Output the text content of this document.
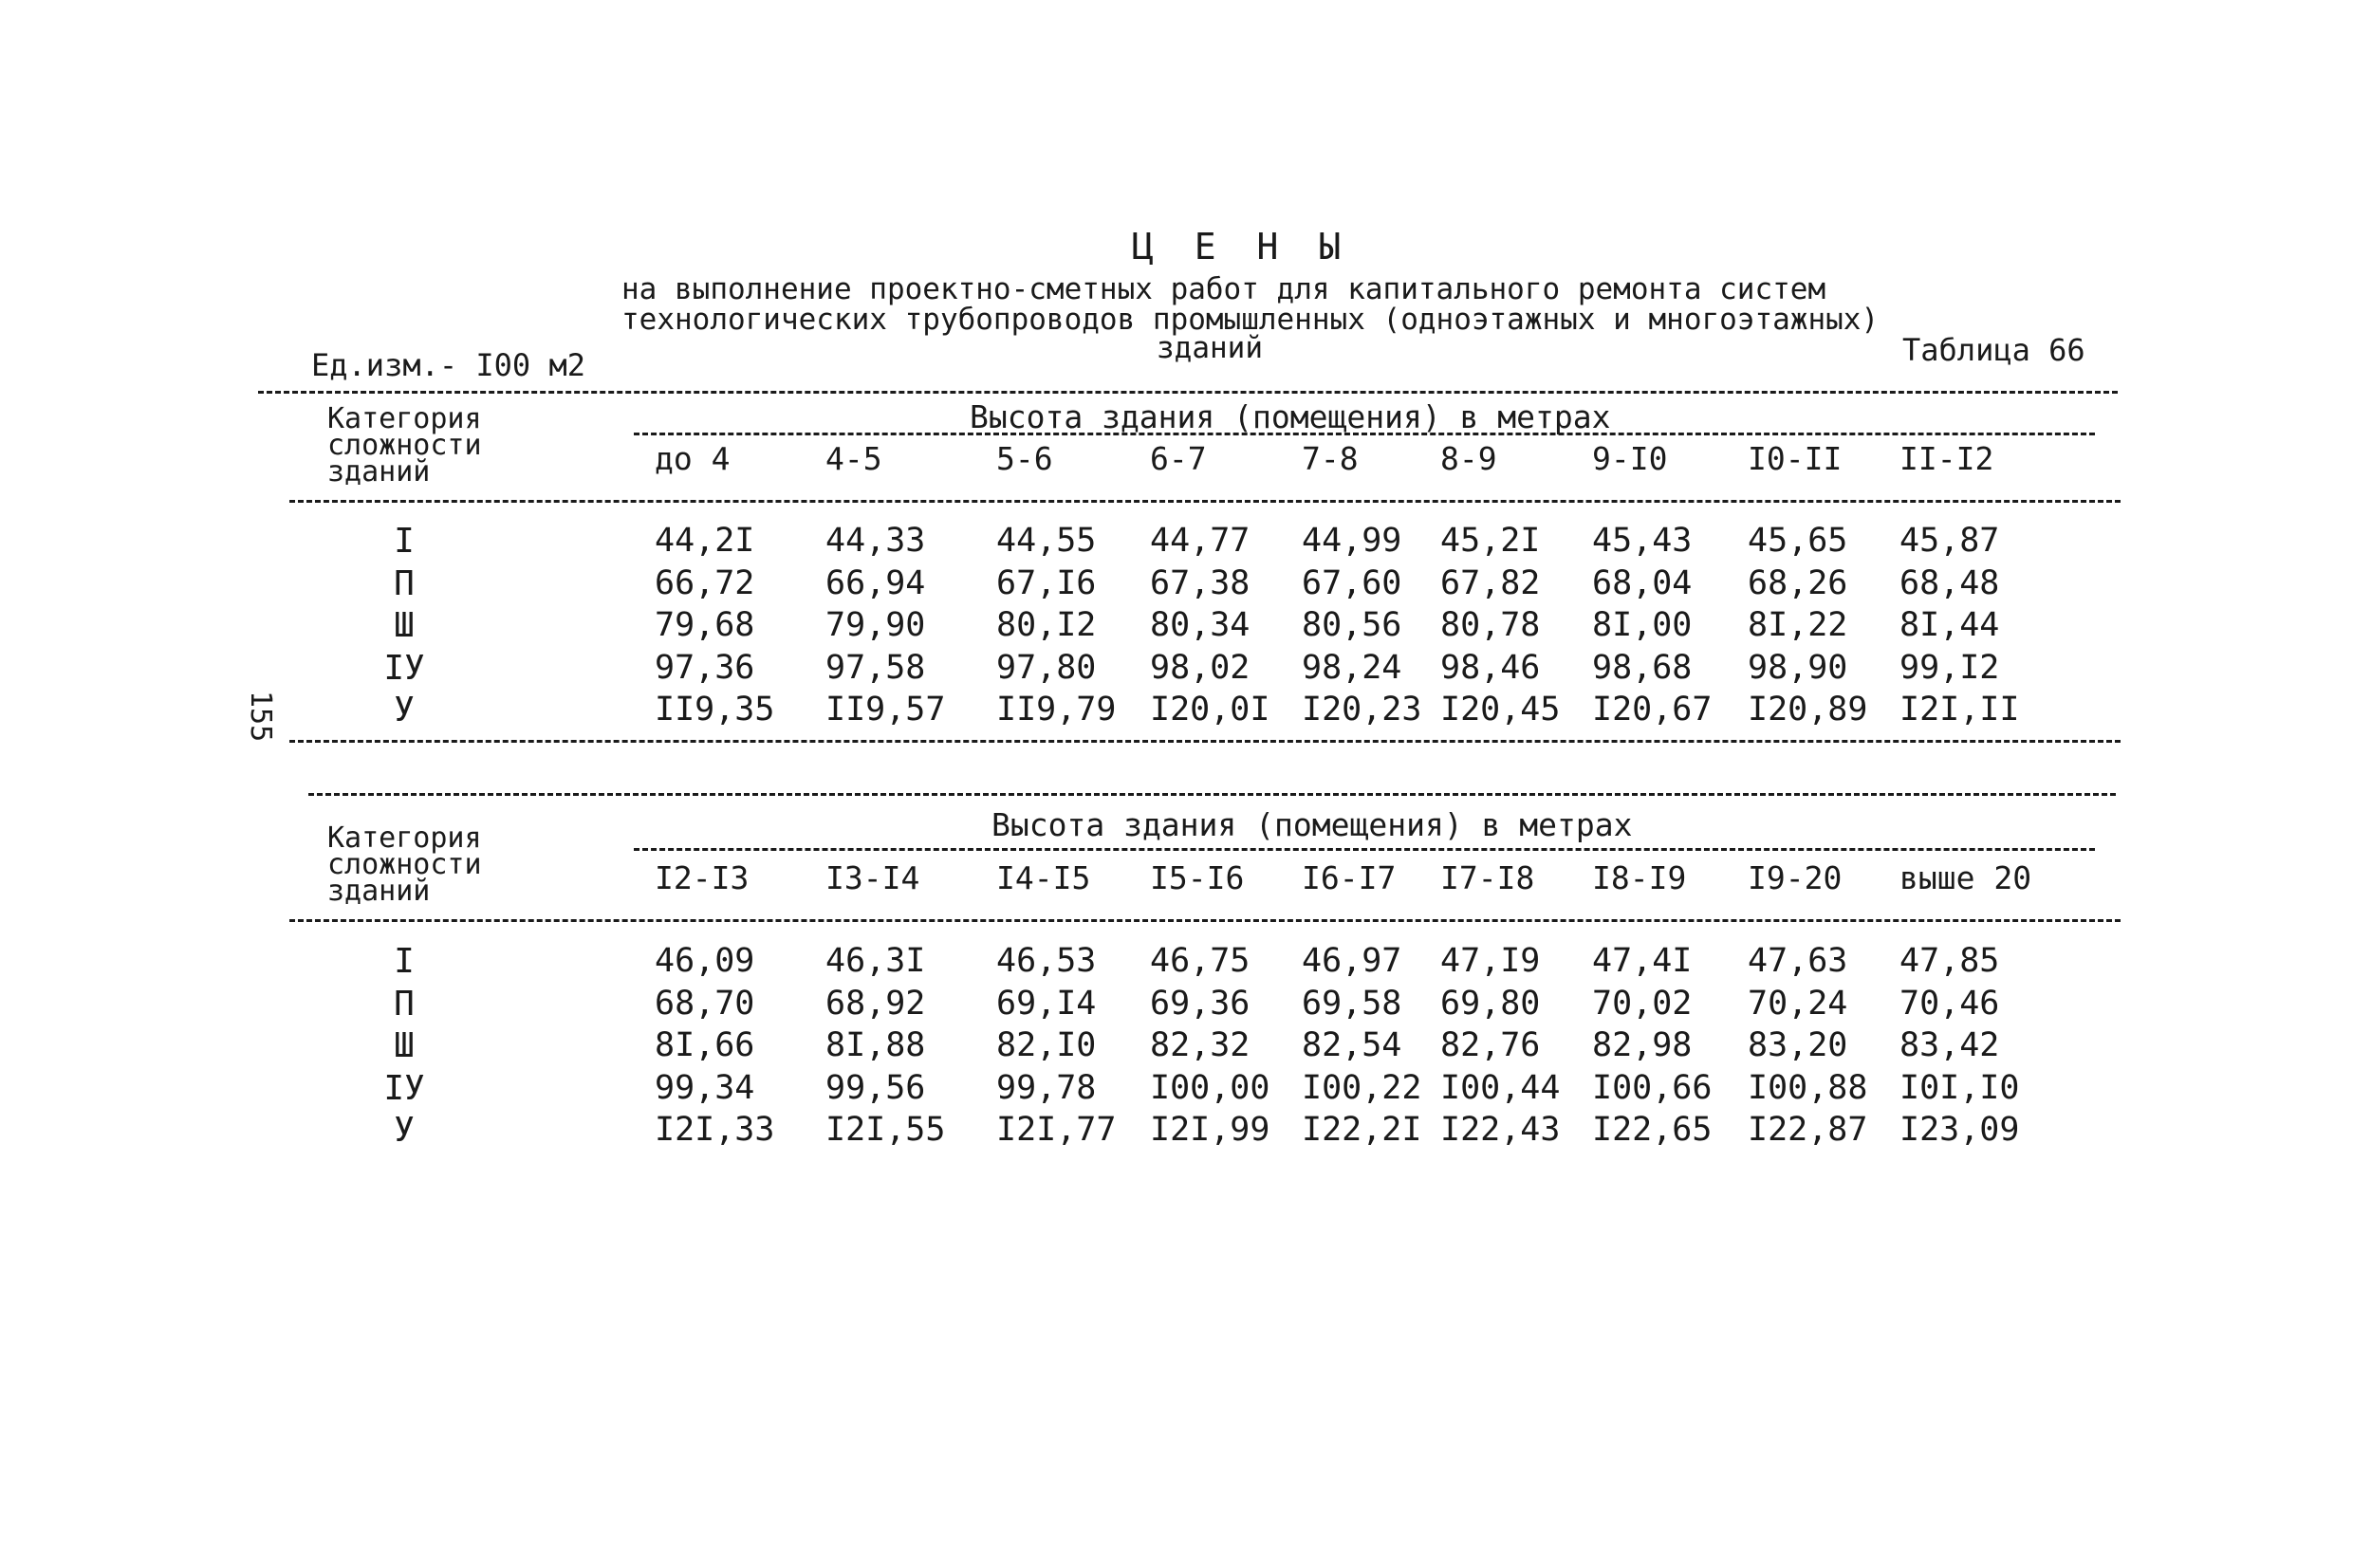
Ц Е Н Ы
на выполнение проектно-сметных работ для капитального ремонта систем
технологических трубопроводов промышленных (одноэтажных и многоэтажных)
зданий
Ед.изм.- I00 м2	Таблица 66
155
Категория
сложности
зданий
Высота здания (помещения) в метрах
до 4	4-5	5-6	6-7	7-8	8-9	9-I0	I0-II II-I2
I	44,2I 44,33 44,55 44,77 44,99 45,2I 45,43 45,65 45,87
П	66,72 66,94 67,I6 67,38 67,60 67,82 68,04 68,26 68,48
Ш	79,68 79,90 80,I2 80,34 80,56 80,78 8I,00 8I,22 8I,44
IУ	97,36 97,58 97,80 98,02 98,24 98,46 98,68 98,90 99,I2
У	II9,35 II9,57 II9,79 I20,0I I20,23 I20,45 I20,67 I20,89 I2I,II
Категория
сложности
зданий
Высота здания (помещения) в метрах
I2-I3 I3-I4 I4-I5 I5-I6 I6-I7 I7-I8 I8-I9 I9-20 выше 20
I	46,09 46,3I 46,53 46,75 46,97 47,I9 47,4I 47,63 47,85
П	68,70 68,92 69,I4 69,36 69,58 69,80 70,02 70,24 70,46
Ш	8I,66 8I,88 82,I0 82,32 82,54 82,76 82,98 83,20 83,42
IУ	99,34 99,56 99,78 I00,00 I00,22 I00,44 I00,66 I00,88 I0I,I0
У	I2I,33 I2I,55 I2I,77 I2I,99 I22,2I I22,43 I22,65 I22,87 I23,09
